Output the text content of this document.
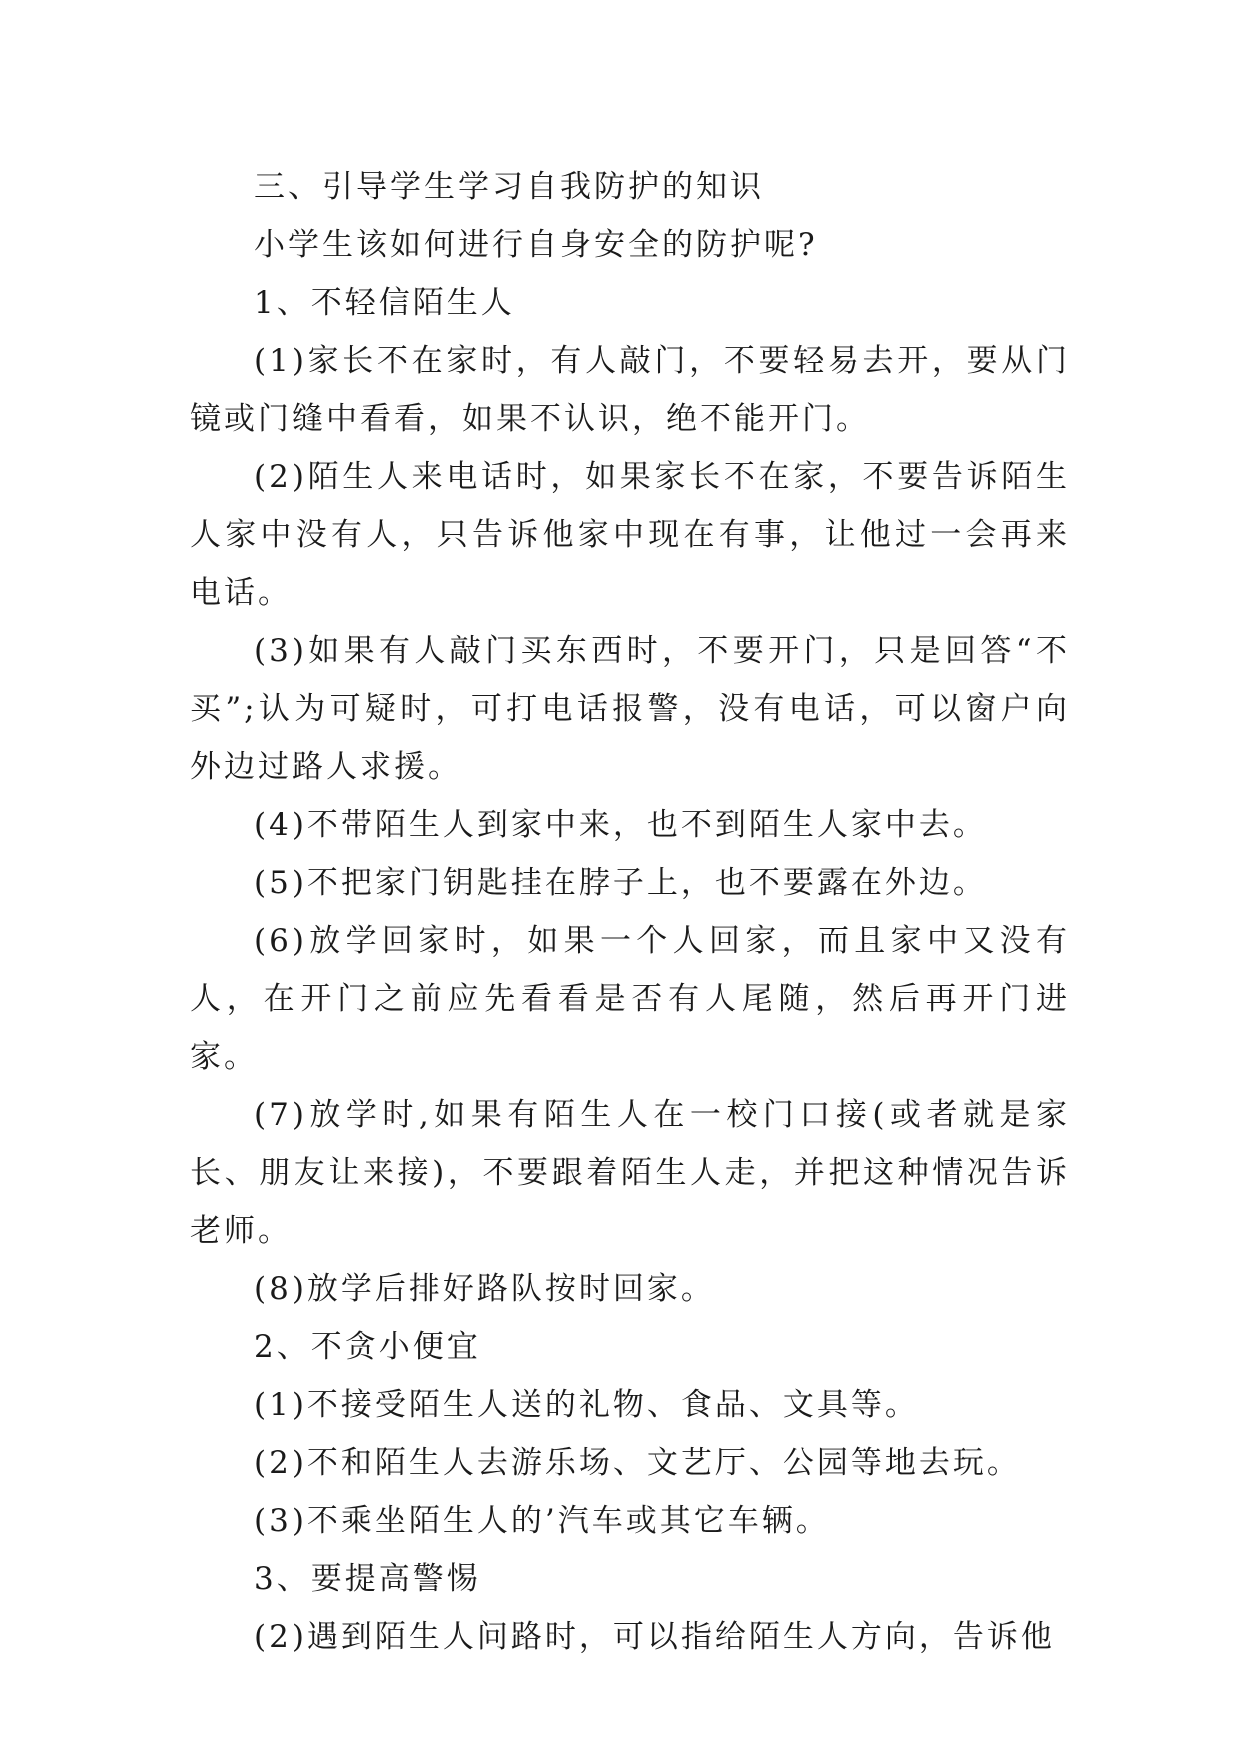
三、引导学生学习自我防护的知识

小学生该如何进行自身安全的防护呢?

1、不轻信陌生人

(1)家长不在家时，有人敲门，不要轻易去开，要从门镜或门缝中看看，如果不认识，绝不能开门。

(2)陌生人来电话时，如果家长不在家，不要告诉陌生人家中没有人，只告诉他家中现在有事，让他过一会再来电话。

(3)如果有人敲门买东西时，不要开门，只是回答“不买”;认为可疑时，可打电话报警，没有电话，可以窗户向外边过路人求援。

(4)不带陌生人到家中来，也不到陌生人家中去。

(5)不把家门钥匙挂在脖子上，也不要露在外边。

(6)放学回家时，如果一个人回家，而且家中又没有人，在开门之前应先看看是否有人尾随，然后再开门进家。

(7)放学时,如果有陌生人在一校门口接(或者就是家长、朋友让来接)，不要跟着陌生人走，并把这种情况告诉老师。

(8)放学后排好路队按时回家。

2、不贪小便宜

(1)不接受陌生人送的礼物、食品、文具等。

(2)不和陌生人去游乐场、文艺厅、公园等地去玩。

(3)不乘坐陌生人的’汽车或其它车辆。

3、要提高警惕

(2)遇到陌生人问路时，可以指给陌生人方向，告诉他
